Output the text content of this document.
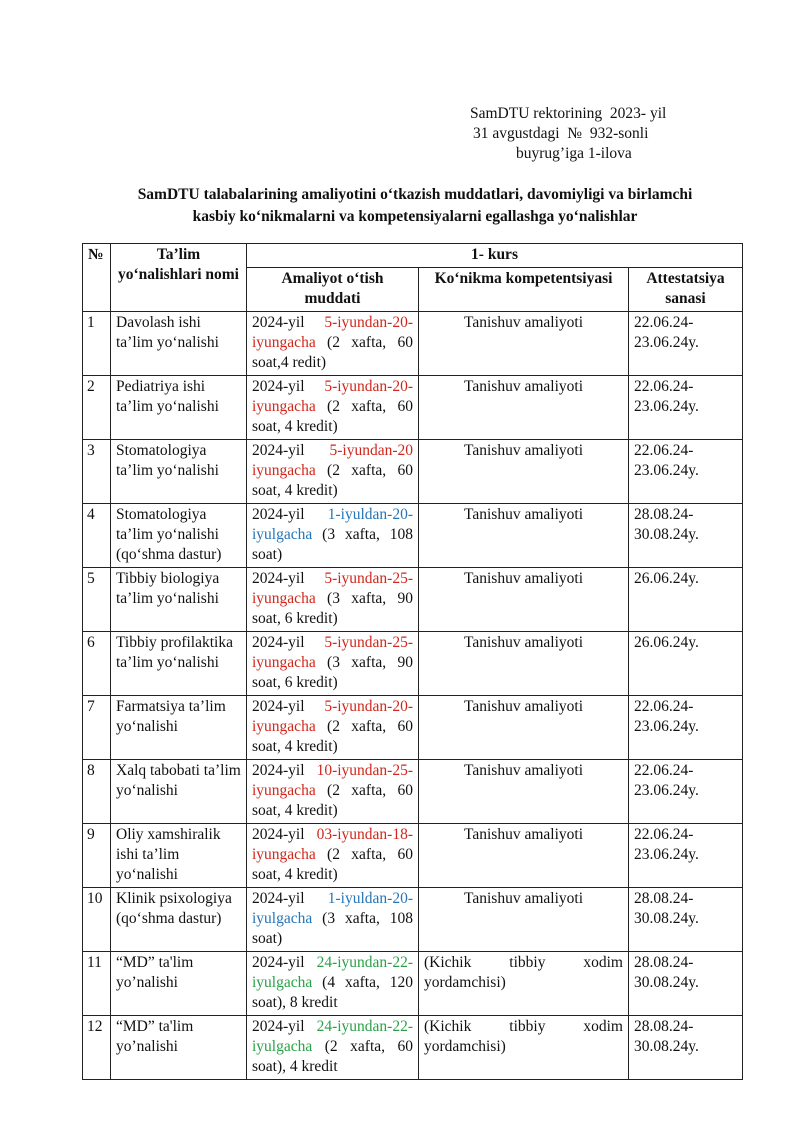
SamDTU rektorining  2023- yil
31 avgustdagi  №  932-sonli
buyrug’iga 1-ilova
SamDTU talabalarining amaliyotini o‘tkazish muddatlari, davomiyligi va birlamchi
kasbiy ko‘nikmalarni va kompetensiyalarni egallashga yo‘nalishlar
№	Ta’lim yo‘nalishlari nomi	1- kurs		
		Amaliyot o‘tish muddati	Ko‘nikma kompetentsiyasi	Attestatsiya sanasi
1	Davolash ishi ta’lim yo‘nalishi	2024-yil 5-iyundan-20-iyungacha (2 xafta, 60 soat,4 redit)	Tanishuv amaliyoti	22.06.24-23.06.24y.
2	Pediatriya ishi ta’lim yo‘nalishi	2024-yil 5-iyundan-20-iyungacha (2 xafta, 60 soat, 4 kredit)	Tanishuv amaliyoti	22.06.24-23.06.24y.
3	Stomatologiya ta’lim yo‘nalishi	2024-yil 5-iyundan-20 iyungacha (2 xafta, 60 soat, 4 kredit)	Tanishuv amaliyoti	22.06.24-23.06.24y.
4	Stomatologiya ta’lim yo‘nalishi (qo‘shma dastur)	2024-yil 1-iyuldan-20- iyulgacha (3 xafta, 108 soat)	Tanishuv amaliyoti	28.08.24-30.08.24y.
5	Tibbiy biologiya ta’lim yo‘nalishi	2024-yil 5-iyundan-25-iyungacha (3 xafta, 90 soat, 6 kredit)	Tanishuv amaliyoti	26.06.24y.
6	Tibbiy profilaktika ta’lim yo‘nalishi	2024-yil 5-iyundan-25-iyungacha (3 xafta, 90 soat, 6 kredit)	Tanishuv amaliyoti	26.06.24y.
7	Farmatsiya ta’lim yo‘nalishi	2024-yil 5-iyundan-20-iyungacha (2 xafta, 60 soat, 4 kredit)	Tanishuv amaliyoti	22.06.24-23.06.24y.
8	Xalq tabobati ta’lim yo‘nalishi	2024-yil 10-iyundan-25-iyungacha (2 xafta, 60 soat, 4 kredit)	Tanishuv amaliyoti	22.06.24-23.06.24y.
9	Oliy xamshiralik ishi ta’lim yo‘nalishi	2024-yil 03-iyundan-18-iyungacha (2 xafta, 60 soat, 4 kredit)	Tanishuv amaliyoti	22.06.24-23.06.24y.
10	Klinik psixologiya (qo‘shma dastur)	2024-yil 1-iyuldan-20- iyulgacha (3 xafta, 108 soat)	Tanishuv amaliyoti	28.08.24-30.08.24y.
11	“MD” ta'lim yo’nalishi	2024-yil 24-iyundan-22-iyulgacha (4 xafta, 120 soat), 8 kredit	(Kichik tibbiy xodim yordamchisi)	28.08.24-30.08.24y.
12	“MD” ta'lim yo’nalishi	2024-yil 24-iyundan-22-iyulgacha (2 xafta, 60 soat), 4 kredit	(Kichik tibbiy xodim yordamchisi)	28.08.24-30.08.24y.
